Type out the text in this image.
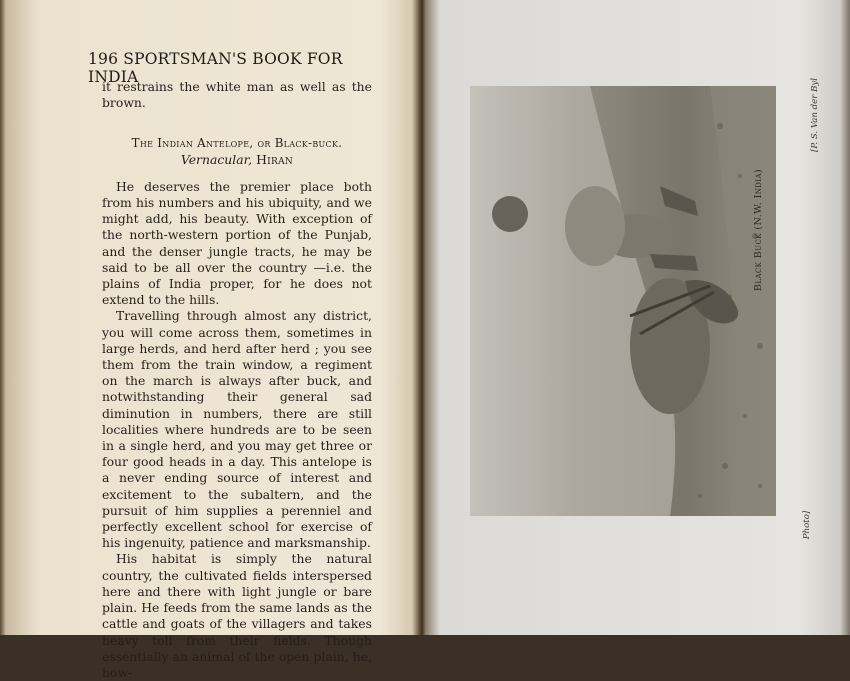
196 SPORTSMAN'S BOOK FOR INDIA

it restrains the white man as well as the brown.

The Indian Antelope, or Black-buck.
Vernacular, Hiran

He deserves the premier place both from his numbers and his ubiquity, and we might add, his beauty. With exception of the north-western portion of the Punjab, and the denser jungle tracts, he may be said to be all over the country —i.e. the plains of India proper, for he does not extend to the hills.

Travelling through almost any district, you will come across them, sometimes in large herds, and herd after herd ; you see them from the train window, a regiment on the march is always after buck, and notwithstanding their general sad diminution in numbers, there are still localities where hundreds are to be seen in a single herd, and you may get three or four good heads in a day. This antelope is a never ending source of interest and excitement to the subaltern, and the pursuit of him supplies a perenniel and perfectly excellent school for exercise of his ingenuity, patience and marksmanship.

His habitat is simply the natural country, the cultivated fields interspersed here and there with light jungle or bare plain. He feeds from the same lands as the cattle and goats of the villagers and takes heavy toll from their fields. Though essentially an animal of the open plain, he, how-

Black Buck (N.W. India)
[P. S. Van der Byl
Photo]
